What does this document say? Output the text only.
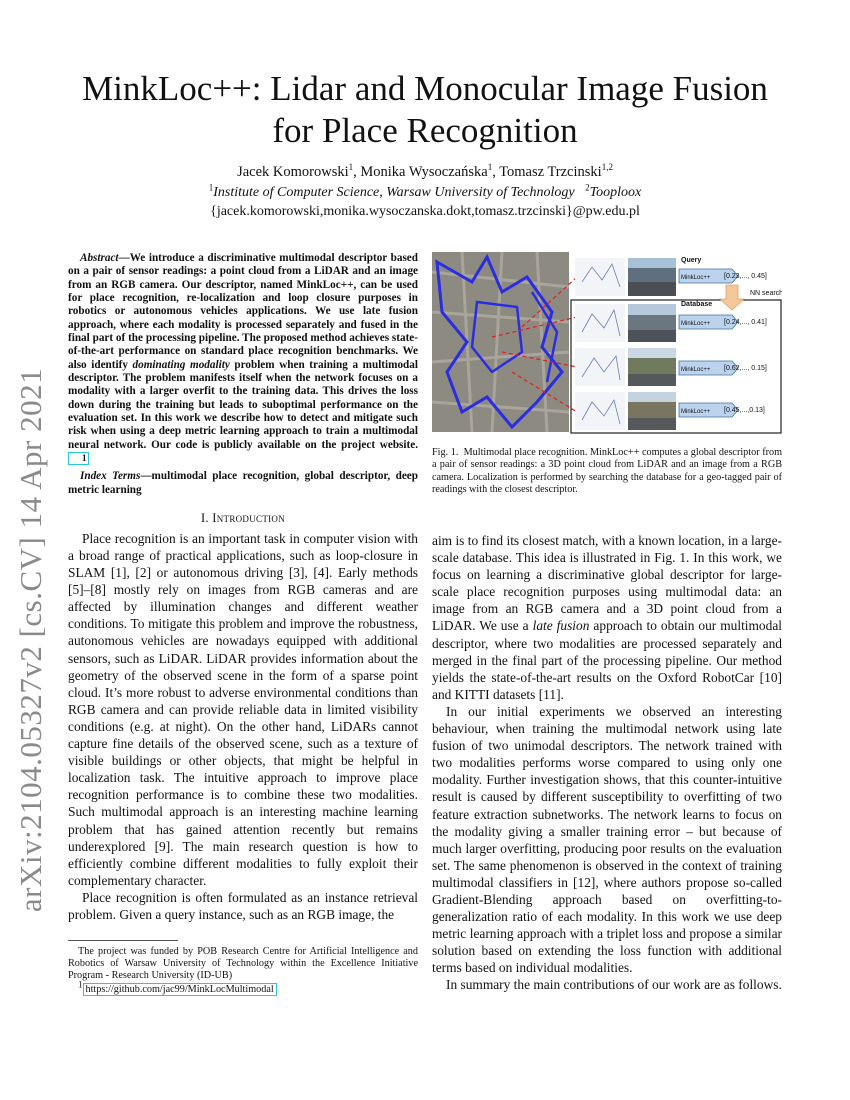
arXiv:2104.05327v2 [cs.CV] 14 Apr 2021
MinkLoc++: Lidar and Monocular Image Fusion for Place Recognition
Jacek Komorowski$^1$, Monika Wysoczańska$^1$, Tomasz Trzcinski$^{1,2}$
$^1$Institute of Computer Science, Warsaw University of Technology $^2$Tooploox
{jacek.komorowski,monika.wysoczanska.dokt,tomasz.trzcinski}@pw.edu.pl

Abstract—We introduce a discriminative multimodal descriptor based on a pair of sensor readings: a point cloud from a LiDAR and an image from an RGB camera. Our descriptor, named MinkLoc++, can be used for place recognition, re-localization and loop closure purposes in robotics or autonomous vehicles applications. We use late fusion approach, where each modality is processed separately and fused in the final part of the processing pipeline. The proposed method achieves state-of-the-art performance on standard place recognition benchmarks. We also identify dominating modality problem when training a multimodal descriptor. The problem manifests itself when the network focuses on a modality with a larger overfit to the training data. This drives the loss down during the training but leads to suboptimal performance on the evaluation set. In this work we describe how to detect and mitigate such risk when using a deep metric learning approach to train a multimodal neural network. Our code is publicly available on the project website. 1

Index Terms—multimodal place recognition, global descriptor, deep metric learning

I. Introduction

Place recognition is an important task in computer vision with a broad range of practical applications, such as loop-closure in SLAM [1], [2] or autonomous driving [3], [4]. Early methods [5]–[8] mostly rely on images from RGB cameras and are affected by illumination changes and different weather conditions. To mitigate this problem and improve the robustness, autonomous vehicles are nowadays equipped with additional sensors, such as LiDAR. LiDAR provides information about the geometry of the observed scene in the form of a sparse point cloud. It’s more robust to adverse environmental conditions than RGB camera and can provide reliable data in limited visibility conditions (e.g. at night). On the other hand, LiDARs cannot capture fine details of the observed scene, such as a texture of visible buildings or other objects, that might be helpful in localization task. The intuitive approach to improve place recognition performance is to combine these two modalities. Such multimodal approach is an interesting machine learning problem that has gained attention recently but remains underexplored [9]. The main research question is how to efficiently combine different modalities to fully exploit their complementary character.

Place recognition is often formulated as an instance retrieval problem. Given a query instance, such as an RGB image, the

The project was funded by POB Research Centre for Artificial Intelligence and Robotics of Warsaw University of Technology within the Excellence Initiative Program - Research University (ID-UB)
$^1$ https://github.com/jac99/MinkLocMultimodal
Query
Database
NN search
MinkLoc++
MinkLoc++
MinkLoc++
MinkLoc++
[0.23,..., 0.45]
[0.24,..., 0.41]
[0.62,..., 0.15]
[0.45,...,0.13]
Fig. 1. Multimodal place recognition. MinkLoc++ computes a global descriptor from a pair of sensor readings: a 3D point cloud from LiDAR and an image from a RGB camera. Localization is performed by searching the database for a geo-tagged pair of readings with the closest descriptor.

aim is to find its closest match, with a known location, in a large-scale database. This idea is illustrated in Fig. 1. In this work, we focus on learning a discriminative global descriptor for large-scale place recognition purposes using multimodal data: an image from an RGB camera and a 3D point cloud from a LiDAR. We use a late fusion approach to obtain our multimodal descriptor, where two modalities are processed separately and merged in the final part of the processing pipeline. Our method yields the state-of-the-art results on the Oxford RobotCar [10] and KITTI datasets [11].

In our initial experiments we observed an interesting behaviour, when training the multimodal network using late fusion of two unimodal descriptors. The network trained with two modalities performs worse compared to using only one modality. Further investigation shows, that this counter-intuitive result is caused by different susceptibility to overfitting of two feature extraction subnetworks. The network learns to focus on the modality giving a smaller training error – but because of much larger overfitting, producing poor results on the evaluation set. The same phenomenon is observed in the context of training multimodal classifiers in [12], where authors propose so-called Gradient-Blending approach based on overfitting-to-generalization ratio of each modality. In this work we use deep metric learning approach with a triplet loss and propose a similar solution based on extending the loss function with additional terms based on individual modalities.

In summary the main contributions of our work are as follows.
